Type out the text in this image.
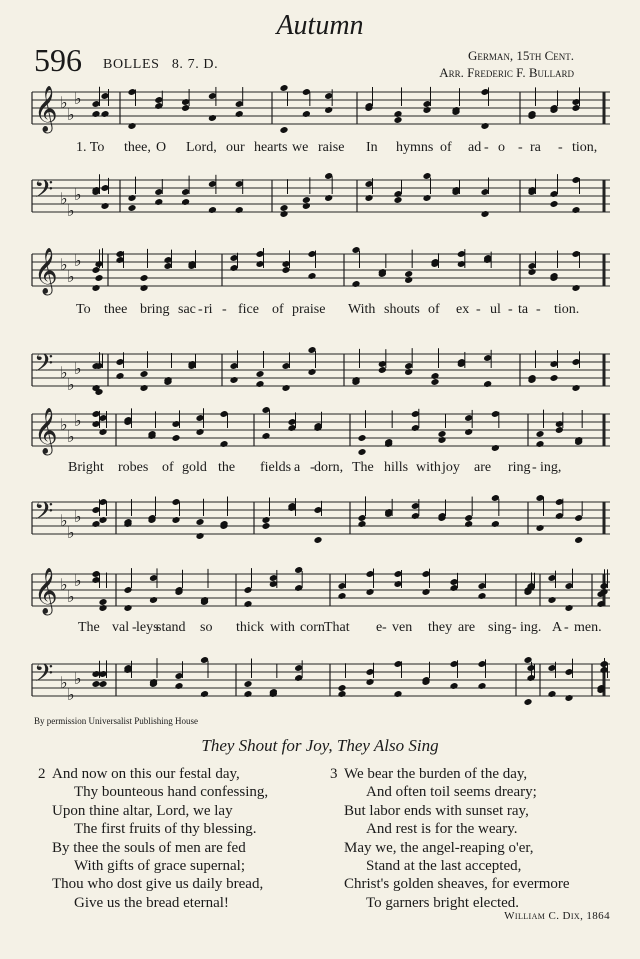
Autumn
596 BOLLES 8. 7. D.
German, 15th Cent.
Arr. Frederic F. Bullard
𝄞 ♭
♭
♭
1. To thee, O Lord, our hearts we raise In hymns of ad - o - ra - tion,
𝄢 ♭
♭
♭
𝄞 ♭
♭
♭
To thee bring sac - ri - fice of praise With shouts of ex - ul - ta - tion.
𝄢 ♭
♭
♭
𝄞 ♭
♭
♭
Bright robes of gold the fields a - dorn, The hills with joy are ring - ing,
𝄢 ♭
♭
♭
𝄞 ♭
♭
♭
The val - leys
stand so thick with corn That e - ven they are sing - ing. A - men.
𝄢 ♭
♭
♭
By permission Universalist Publishing House
They Shout for Joy, They Also Sing
2 And now on this our festal day,
Thy bounteous hand confessing,
Upon thine altar, Lord, we lay
The first fruits of thy blessing.
By thee the souls of men are fed
With gifts of grace supernal;
Thou who dost give us daily bread,
Give us the bread eternal!
3 We bear the burden of the day,
And often toil seems dreary;
But labor ends with sunset ray,
And rest is for the weary.
May we, the angel-reaping o'er,
Stand at the last accepted,
Christ's golden sheaves, for evermore
To garners bright elected.
William C. Dix, 1864
